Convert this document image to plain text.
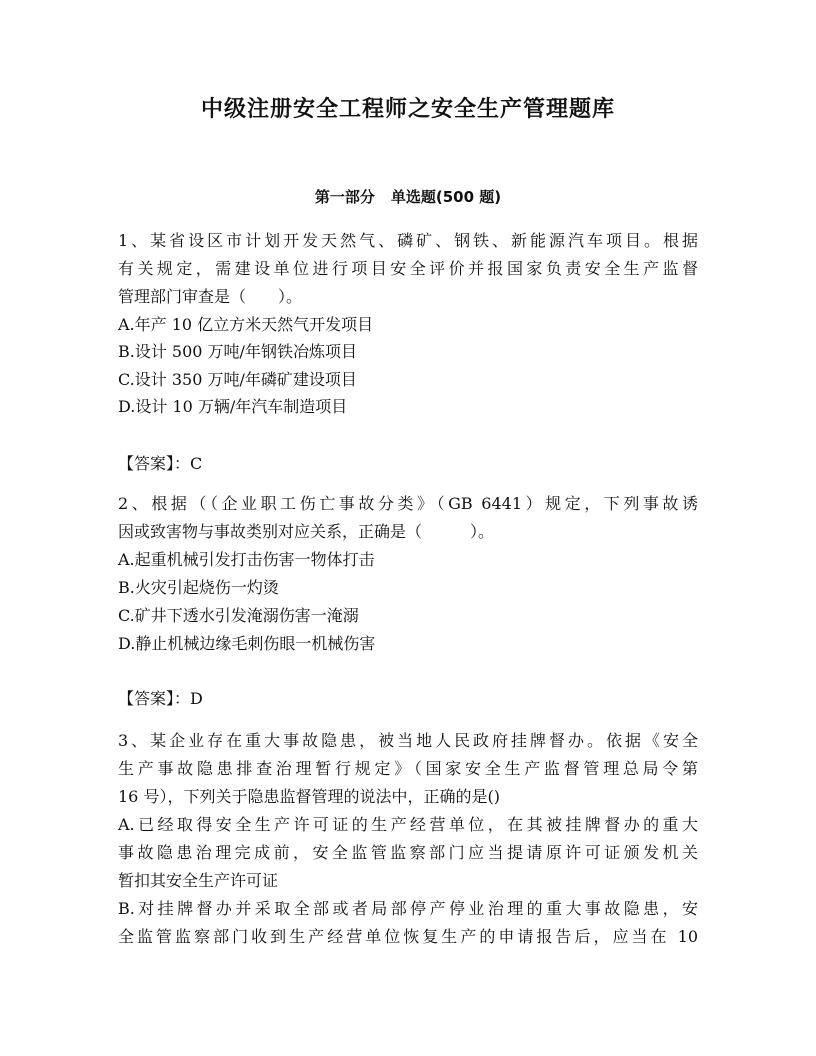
中级注册安全工程师之安全生产管理题库
第一部分 单选题(500 题)
1、某省设区市计划开发天然气、磷矿、钢铁、新能源汽车项目。根据
有关规定，需建设单位进行项目安全评价并报国家负责安全生产监督
管理部门审查是（　　）。
A.年产 10 亿立方米天然气开发项目
B.设计 500 万吨/年钢铁冶炼项目
C.设计 350 万吨/年磷矿建设项目
D.设计 10 万辆/年汽车制造项目
【答案】：C
2、根据（（企业职工伤亡事故分类》（GB 6441）规定，下列事故诱
因或致害物与事故类别对应关系，正确是（　　　）。
A.起重机械引发打击伤害一物体打击
B.火灾引起烧伤一灼烫
C.矿井下透水引发淹溺伤害一淹溺
D.静止机械边缘毛刺伤眼一机械伤害
【答案】：D
3、某企业存在重大事故隐患，被当地人民政府挂牌督办。依据《安全
生产事故隐患排查治理暂行规定》（国家安全生产监督管理总局令第
16 号），下列关于隐患监督管理的说法中，正确的是()
A.已经取得安全生产许可证的生产经营单位，在其被挂牌督办的重大
事故隐患治理完成前，安全监管监察部门应当提请原许可证颁发机关
暂扣其安全生产许可证
B.对挂牌督办并采取全部或者局部停产停业治理的重大事故隐患，安
全监管监察部门收到生产经营单位恢复生产的申请报告后，应当在 10
